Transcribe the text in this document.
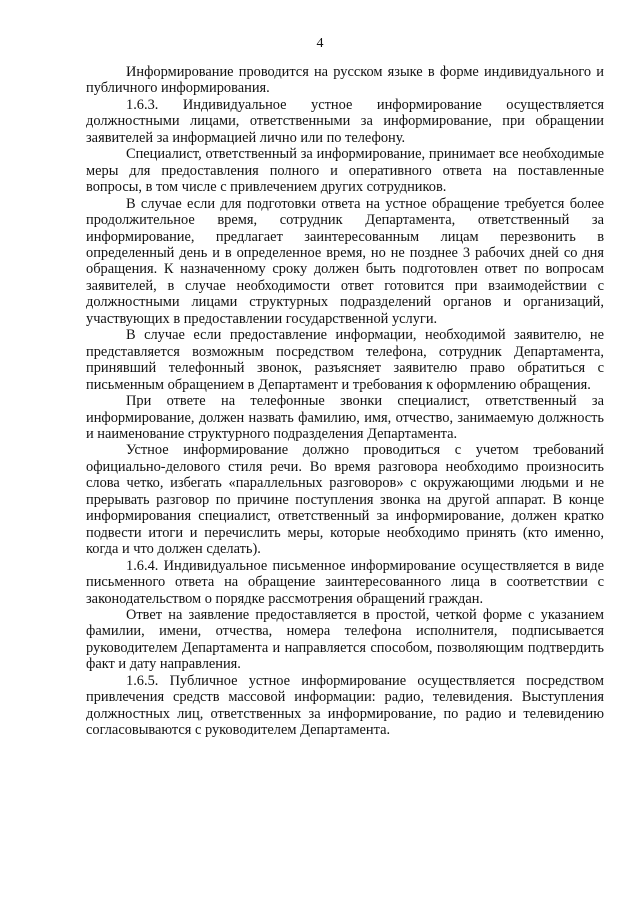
4

Информирование проводится на русском языке в форме индивидуального и публичного информирования.

1.6.3. Индивидуальное устное информирование осуществляется должностными лицами, ответственными за информирование, при обращении заявителей за информацией лично или по телефону.

Специалист, ответственный за информирование, принимает все необходимые меры для предоставления полного и оперативного ответа на поставленные вопросы, в том числе с привлечением других сотрудников.

В случае если для подготовки ответа на устное обращение требуется более продолжительное время, сотрудник Департамента, ответственный за информирование, предлагает заинтересованным лицам перезвонить в определенный день и в определенное время, но не позднее 3 рабочих дней со дня обращения. К назначенному сроку должен быть подготовлен ответ по вопросам заявителей, в случае необходимости ответ готовится при взаимодействии с должностными лицами структурных подразделений органов и организаций, участвующих в предоставлении государственной услуги.

В случае если предоставление информации, необходимой заявителю, не представляется возможным посредством телефона, сотрудник Департамента, принявший телефонный звонок, разъясняет заявителю право обратиться с письменным обращением в Департамент и требования к оформлению обращения.

При ответе на телефонные звонки специалист, ответственный за информирование, должен назвать фамилию, имя, отчество, занимаемую должность и наименование структурного подразделения Департамента.

Устное информирование должно проводиться с учетом требований официально-делового стиля речи. Во время разговора необходимо произносить слова четко, избегать «параллельных разговоров» с окружающими людьми и не прерывать разговор по причине поступления звонка на другой аппарат. В конце информирования специалист, ответственный за информирование, должен кратко подвести итоги и перечислить меры, которые необходимо принять (кто именно, когда и что должен сделать).

1.6.4. Индивидуальное письменное информирование осуществляется в виде письменного ответа на обращение заинтересованного лица в соответствии с законодательством о порядке рассмотрения обращений граждан.

Ответ на заявление предоставляется в простой, четкой форме с указанием фамилии, имени, отчества, номера телефона исполнителя, подписывается руководителем Департамента и направляется способом, позволяющим подтвердить факт и дату направления.

1.6.5. Публичное устное информирование осуществляется посредством привлечения средств массовой информации: радио, телевидения. Выступления должностных лиц, ответственных за информирование, по радио и телевидению согласовываются с руководителем Департамента.
